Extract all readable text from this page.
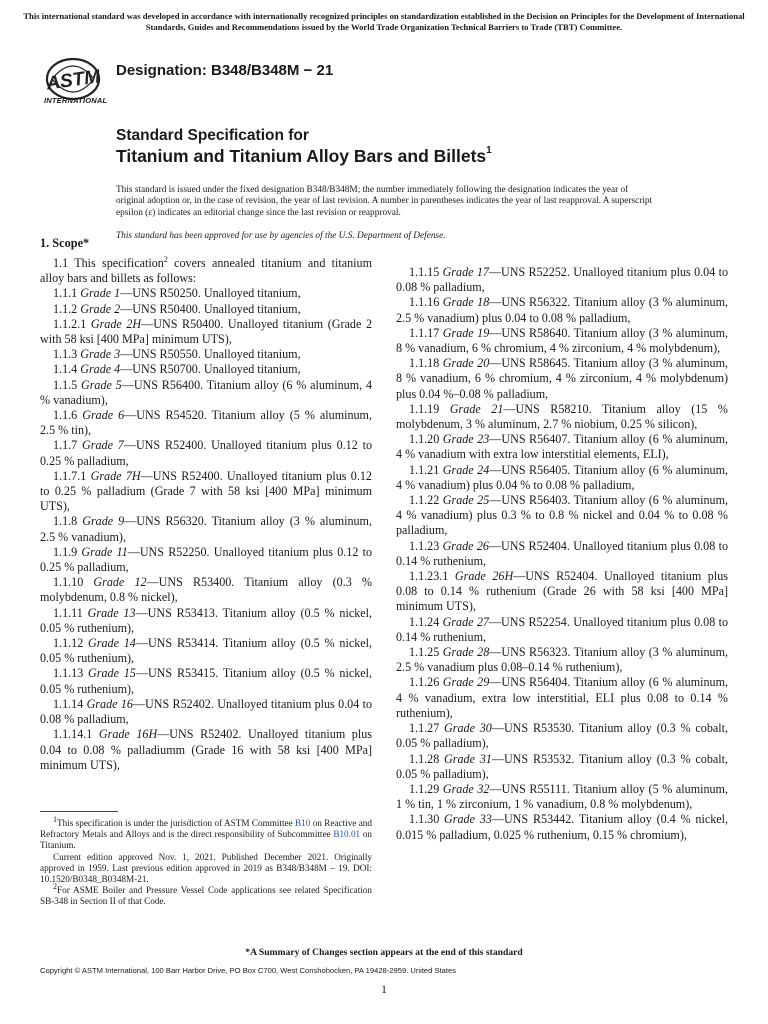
This international standard was developed in accordance with internationally recognized principles on standardization established in the Decision on Principles for the Development of International Standards, Guides and Recommendations issued by the World Trade Organization Technical Barriers to Trade (TBT) Committee.
ASTM
INTERNATIONAL
Designation: B348/B348M − 21
Standard Specification for
Titanium and Titanium Alloy Bars and Billets$^1$
This standard is issued under the fixed designation B348/B348M; the number immediately following the designation indicates the year of original adoption or, in the case of revision, the year of last revision. A number in parentheses indicates the year of last reapproval. A superscript epsilon (ε) indicates an editorial change since the last revision or reapproval.
This standard has been approved for use by agencies of the U.S. Department of Defense.
1. Scope*

1.1 This specification$^2$ covers annealed titanium and titanium alloy bars and billets as follows:

1.1.1 Grade 1—UNS R50250. Unalloyed titanium,

1.1.2 Grade 2—UNS R50400. Unalloyed titanium,

1.1.2.1 Grade 2H—UNS R50400. Unalloyed titanium (Grade 2 with 58 ksi [400 MPa] minimum UTS),

1.1.3 Grade 3—UNS R50550. Unalloyed titanium,

1.1.4 Grade 4—UNS R50700. Unalloyed titanium,

1.1.5 Grade 5—UNS R56400. Titanium alloy (6 % aluminum, 4 % vanadium),

1.1.6 Grade 6—UNS R54520. Titanium alloy (5 % aluminum, 2.5 % tin),

1.1.7 Grade 7—UNS R52400. Unalloyed titanium plus 0.12 to 0.25 % palladium,

1.1.7.1 Grade 7H—UNS R52400. Unalloyed titanium plus 0.12 to 0.25 % palladium (Grade 7 with 58 ksi [400 MPa] minimum UTS),

1.1.8 Grade 9—UNS R56320. Titanium alloy (3 % aluminum, 2.5 % vanadium),

1.1.9 Grade 11—UNS R52250. Unalloyed titanium plus 0.12 to 0.25 % palladium,

1.1.10 Grade 12—UNS R53400. Titanium alloy (0.3 % molybdenum, 0.8 % nickel),

1.1.11 Grade 13—UNS R53413. Titanium alloy (0.5 % nickel, 0.05 % ruthenium),

1.1.12 Grade 14—UNS R53414. Titanium alloy (0.5 % nickel, 0.05 % ruthenium),

1.1.13 Grade 15—UNS R53415. Titanium alloy (0.5 % nickel, 0.05 % ruthenium),

1.1.14 Grade 16—UNS R52402. Unalloyed titanium plus 0.04 to 0.08 % palladium,

1.1.14.1 Grade 16H—UNS R52402. Unalloyed titanium plus 0.04 to 0.08 % palladiumm (Grade 16 with 58 ksi [400 MPa] minimum UTS),

1.1.15 Grade 17—UNS R52252. Unalloyed titanium plus 0.04 to 0.08 % palladium,

1.1.16 Grade 18—UNS R56322. Titanium alloy (3 % aluminum, 2.5 % vanadium) plus 0.04 to 0.08 % palladium,

1.1.17 Grade 19—UNS R58640. Titanium alloy (3 % aluminum, 8 % vanadium, 6 % chromium, 4 % zirconium, 4 % molybdenum),

1.1.18 Grade 20—UNS R58645. Titanium alloy (3 % aluminum, 8 % vanadium, 6 % chromium, 4 % zirconium, 4 % molybdenum) plus 0.04 %–0.08 % palladium,

1.1.19 Grade 21—UNS R58210. Titanium alloy (15 % molybdenum, 3 % aluminum, 2.7 % niobium, 0.25 % silicon),

1.1.20 Grade 23—UNS R56407. Titanium alloy (6 % aluminum, 4 % vanadium with extra low interstitial elements, ELI),

1.1.21 Grade 24—UNS R56405. Titanium alloy (6 % aluminum, 4 % vanadium) plus 0.04 % to 0.08 % palladium,

1.1.22 Grade 25—UNS R56403. Titanium alloy (6 % aluminum, 4 % vanadium) plus 0.3 % to 0.8 % nickel and 0.04 % to 0.08 % palladium,

1.1.23 Grade 26—UNS R52404. Unalloyed titanium plus 0.08 to 0.14 % ruthenium,

1.1.23.1 Grade 26H—UNS R52404. Unalloyed titanium plus 0.08 to 0.14 % ruthenium (Grade 26 with 58 ksi [400 MPa] minimum UTS),

1.1.24 Grade 27—UNS R52254. Unalloyed titanium plus 0.08 to 0.14 % ruthenium,

1.1.25 Grade 28—UNS R56323. Titanium alloy (3 % aluminum, 2.5 % vanadium plus 0.08–0.14 % ruthenium),

1.1.26 Grade 29—UNS R56404. Titanium alloy (6 % aluminum, 4 % vanadium, extra low interstitial, ELI plus 0.08 to 0.14 % ruthenium),

1.1.27 Grade 30—UNS R53530. Titanium alloy (0.3 % cobalt, 0.05 % palladium),

1.1.28 Grade 31—UNS R53532. Titanium alloy (0.3 % cobalt, 0.05 % palladium),

1.1.29 Grade 32—UNS R55111. Titanium alloy (5 % aluminum, 1 % tin, 1 % zirconium, 1 % vanadium, 0.8 % molybdenum),

1.1.30 Grade 33—UNS R53442. Titanium alloy (0.4 % nickel, 0.015 % palladium, 0.025 % ruthenium, 0.15 % chromium),

1This specification is under the jurisdiction of ASTM Committee B10 on Reactive and Refractory Metals and Alloys and is the direct responsibility of Subcommittee B10.01 on Titanium.

Current edition approved Nov. 1, 2021. Published December 2021. Originally approved in 1959. Last previous edition approved in 2019 as B348/B348M – 19. DOI: 10.1520/B0348_B0348M-21.

2For ASME Boiler and Pressure Vessel Code applications see related Specification SB-348 in Section II of that Code.

*A Summary of Changes section appears at the end of this standard
Copyright © ASTM International, 100 Barr Harbor Drive, PO Box C700, West Conshohocken, PA 19428-2959. United States
1
